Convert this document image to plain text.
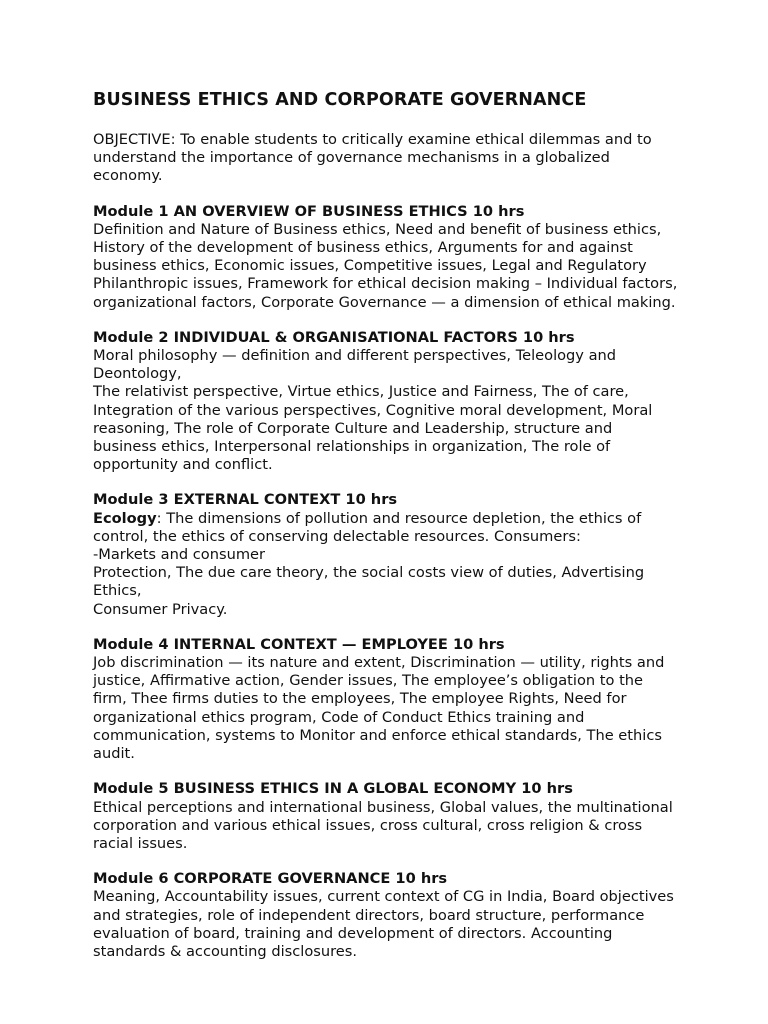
BUSINESS ETHICS AND CORPORATE GOVERNANCE

OBJECTIVE: To enable students to critically examine ethical dilemmas and to understand the importance of governance mechanisms in a globalized economy.

Module 1 AN OVERVIEW OF BUSINESS ETHICS 10 hrs
Definition and Nature of Business ethics, Need and benefit of business ethics, History of the development of business ethics, Arguments for and against business ethics, Economic issues, Competitive issues, Legal and Regulatory Philanthropic issues, Framework for ethical decision making – Individual factors, organizational factors, Corporate Governance — a dimension of ethical making.
Module 2 INDIVIDUAL & ORGANISATIONAL FACTORS 10 hrs
Moral philosophy — definition and different perspectives, Teleology and Deontology,
The relativist perspective, Virtue ethics, Justice and Fairness, The of care, Integration of the various perspectives, Cognitive moral development, Moral reasoning, The role of Corporate Culture and Leadership, structure and business ethics, Interpersonal relationships in organization, The role of opportunity and conflict.
Module 3 EXTERNAL CONTEXT 10 hrs
Ecology: The dimensions of pollution and resource depletion, the ethics of control, the ethics of conserving delectable resources. Consumers:
-Markets and consumer
Protection, The due care theory, the social costs view of duties, Advertising Ethics,
Consumer Privacy.
Module 4 INTERNAL CONTEXT — EMPLOYEE 10 hrs
Job discrimination — its nature and extent, Discrimination — utility, rights and justice, Affirmative action, Gender issues, The employee’s obligation to the firm, Thee firms duties to the employees, The employee Rights, Need for organizational ethics program, Code of Conduct Ethics training and communication, systems to Monitor and enforce ethical standards, The ethics audit.
Module 5 BUSINESS ETHICS IN A GLOBAL ECONOMY 10 hrs
Ethical perceptions and international business, Global values, the multinational corporation and various ethical issues, cross cultural, cross religion & cross racial issues.
Module 6 CORPORATE GOVERNANCE 10 hrs
Meaning, Accountability issues, current context of CG in India, Board objectives and strategies, role of independent directors, board structure, performance evaluation of board, training and development of directors. Accounting standards & accounting disclosures.
